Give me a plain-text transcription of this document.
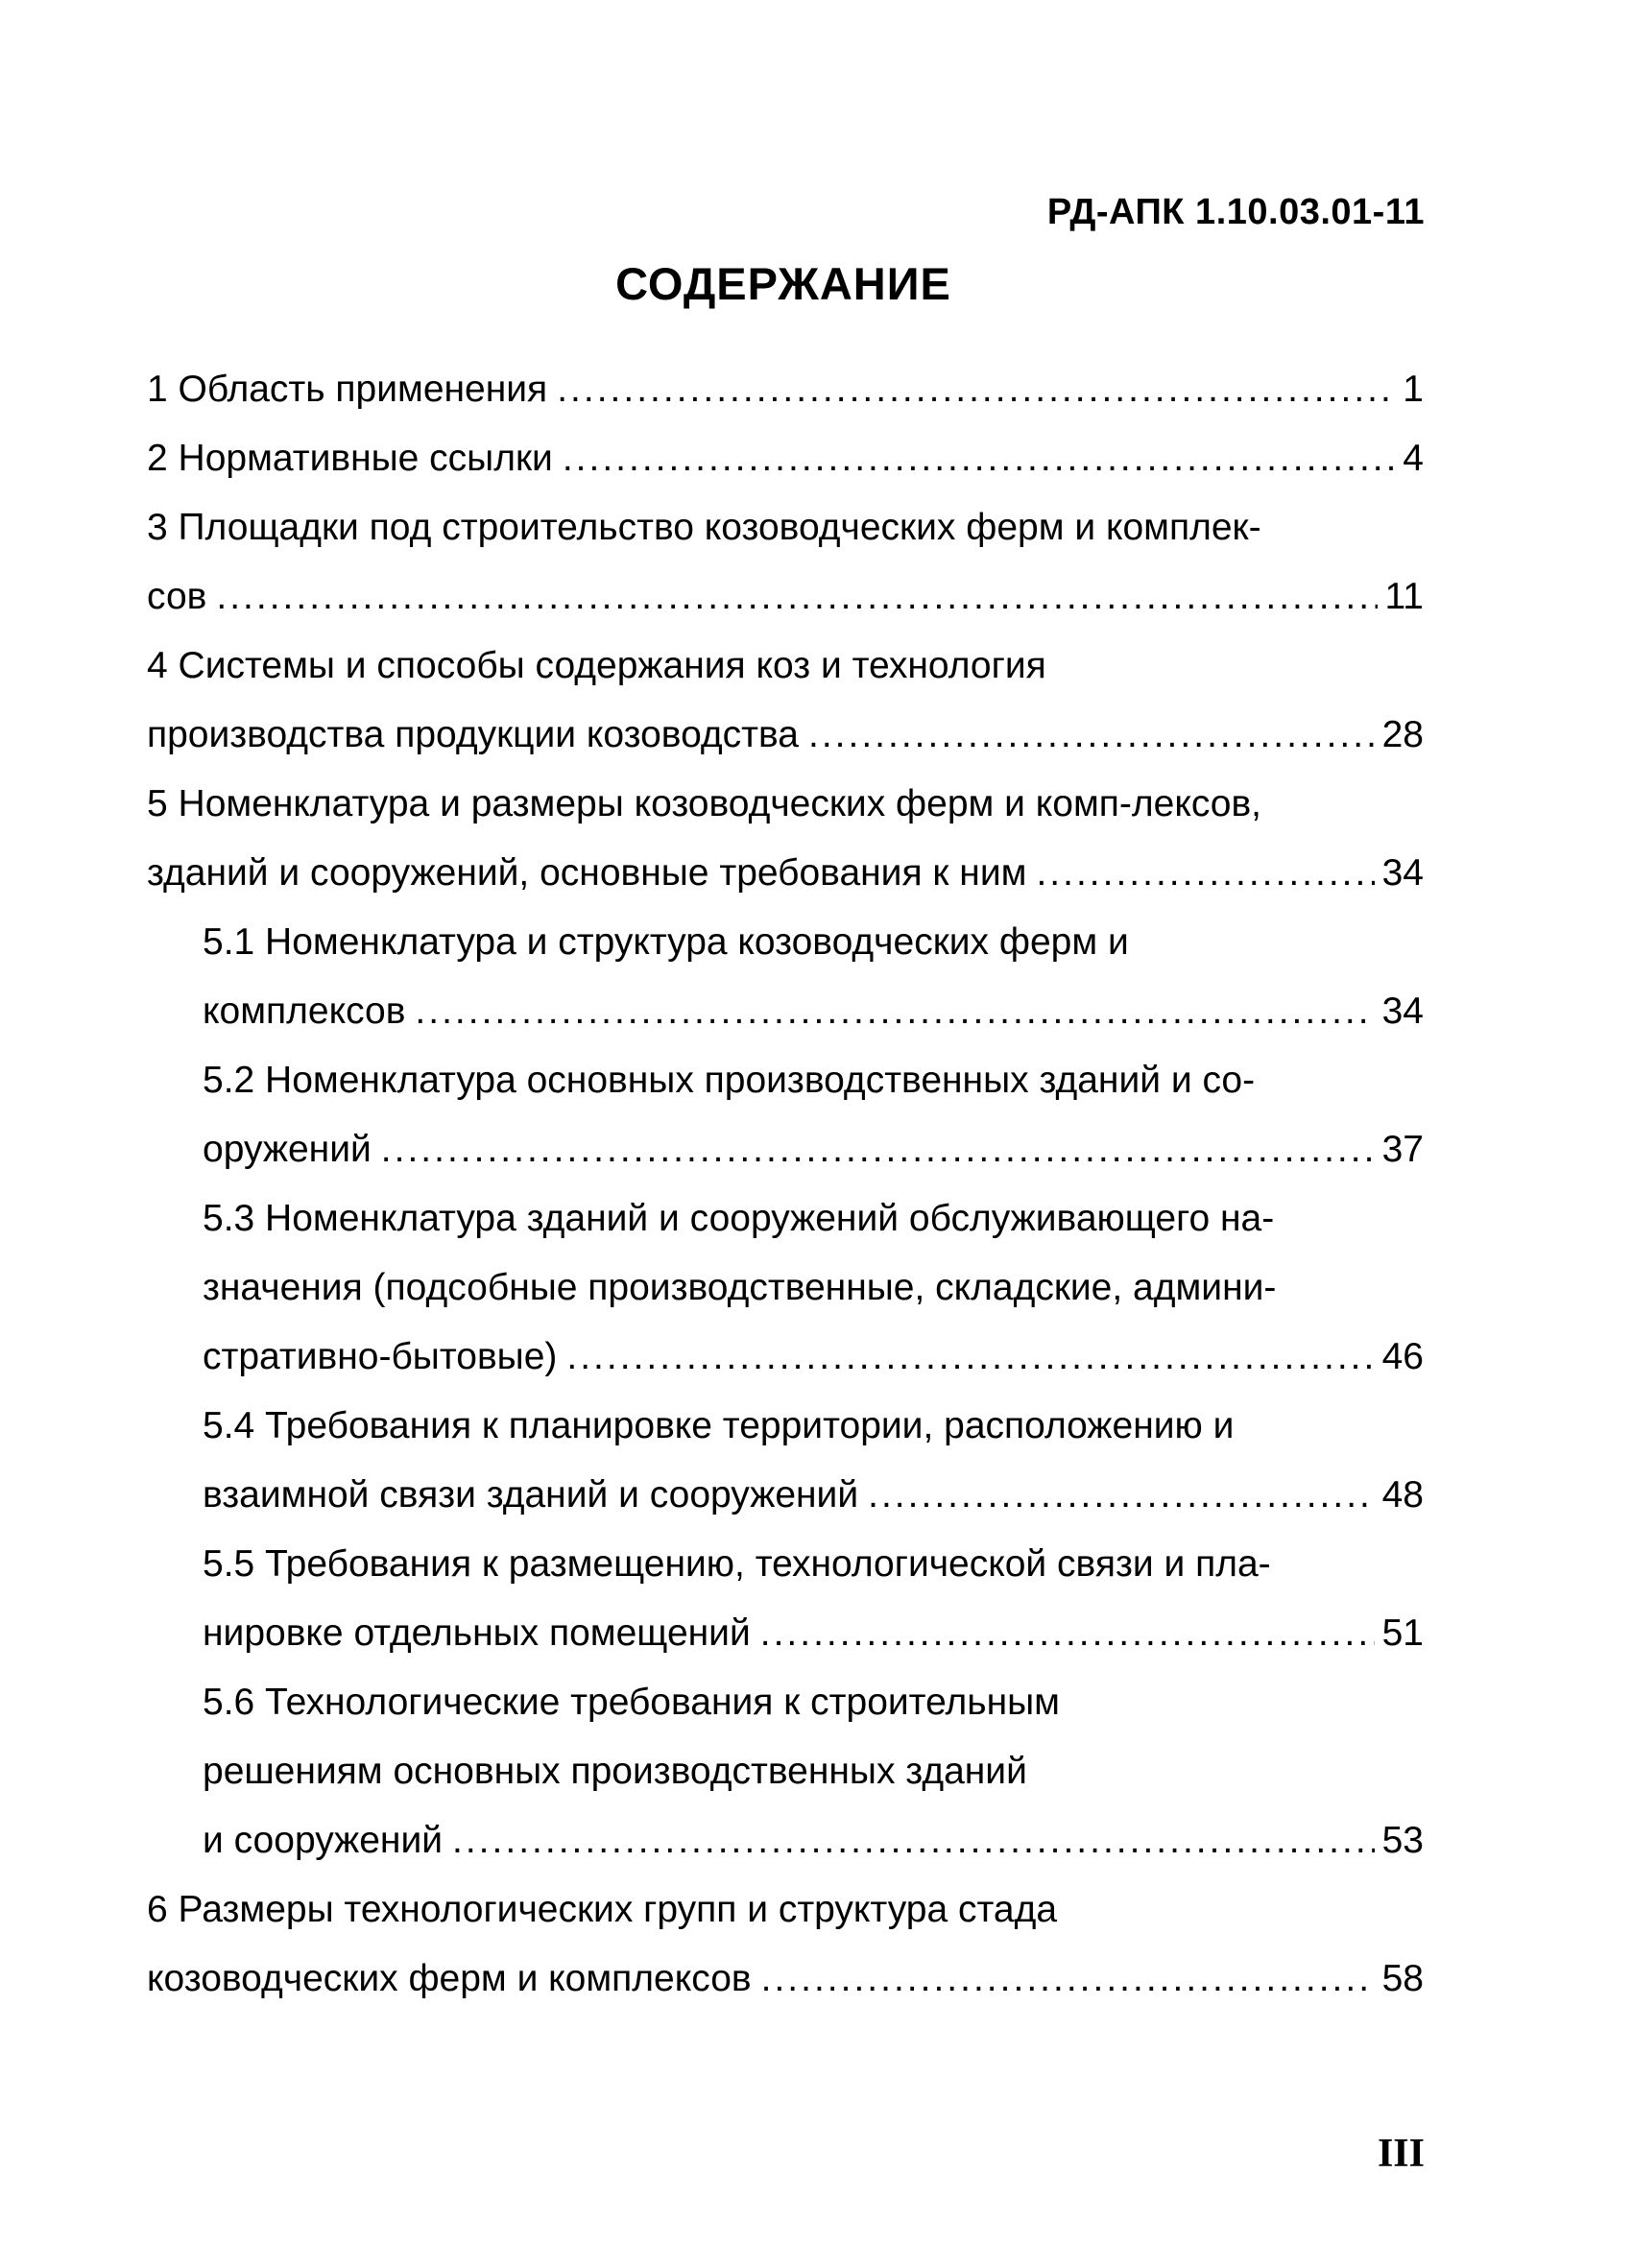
РД-АПК 1.10.03.01-11
СОДЕРЖАНИЕ
1 Область применения .....	1
2 Нормативные ссылки .....	4
3 Площадки под строительство козоводческих ферм и комплек-
сов .....	11
4 Системы и способы содержания коз и технология
производства продукции козоводства .....	28
5 Номенклатура и размеры козоводческих ферм и комп-лексов,
зданий и сооружений, основные требования к ним .....	34
5.1 Номенклатура и структура козоводческих ферм и
комплексов .....	34
5.2 Номенклатура основных производственных зданий и со-
оружений .....	37
5.3 Номенклатура зданий и сооружений обслуживающего на-
значения (подсобные производственные, складские, админи-
стративно-бытовые) .....	46
5.4 Требования к планировке территории, расположению и
взаимной связи зданий и сооружений .....	48
5.5 Требования к размещению, технологической связи и пла-
нировке отдельных помещений .....	51
5.6 Технологические требования к строительным
решениям основных производственных зданий
и сооружений .....	53
6 Размеры технологических групп и структура стада
козоводческих ферм и комплексов .....	58
III
